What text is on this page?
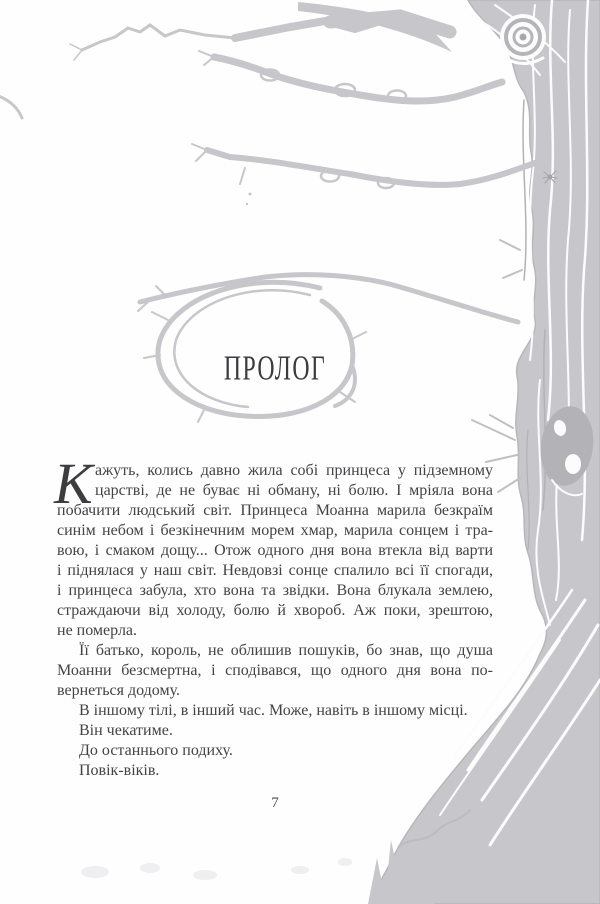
ПРОЛОГ
К ажуть, колись давно жила собі принцеса у підземному
царстві, де не буває ні обману, ні болю. І мріяла вона
побачити людський світ. Принцеса Моанна марила безкраїм
синім небом і безкінечним морем хмар, марила сонцем і тра-
вою, і смаком дощу... Отож одного дня вона втекла від варти
і піднялася у наш світ. Невдовзі сонце спалило всі її спогади,
і принцеса забула, хто вона та звідки. Вона блукала землею,
страждаючи від холоду, болю й хвороб. Аж поки, зрештою,
не померла.
Її батько, король, не облишив пошуків, бо знав, що душа
Моанни безсмертна, і сподівався, що одного дня вона по-
вернеться додому.
В іншому тілі, в інший час. Може, навіть в іншому місці.
Він чекатиме.
До останнього подиху.
Повік-віків.
7
